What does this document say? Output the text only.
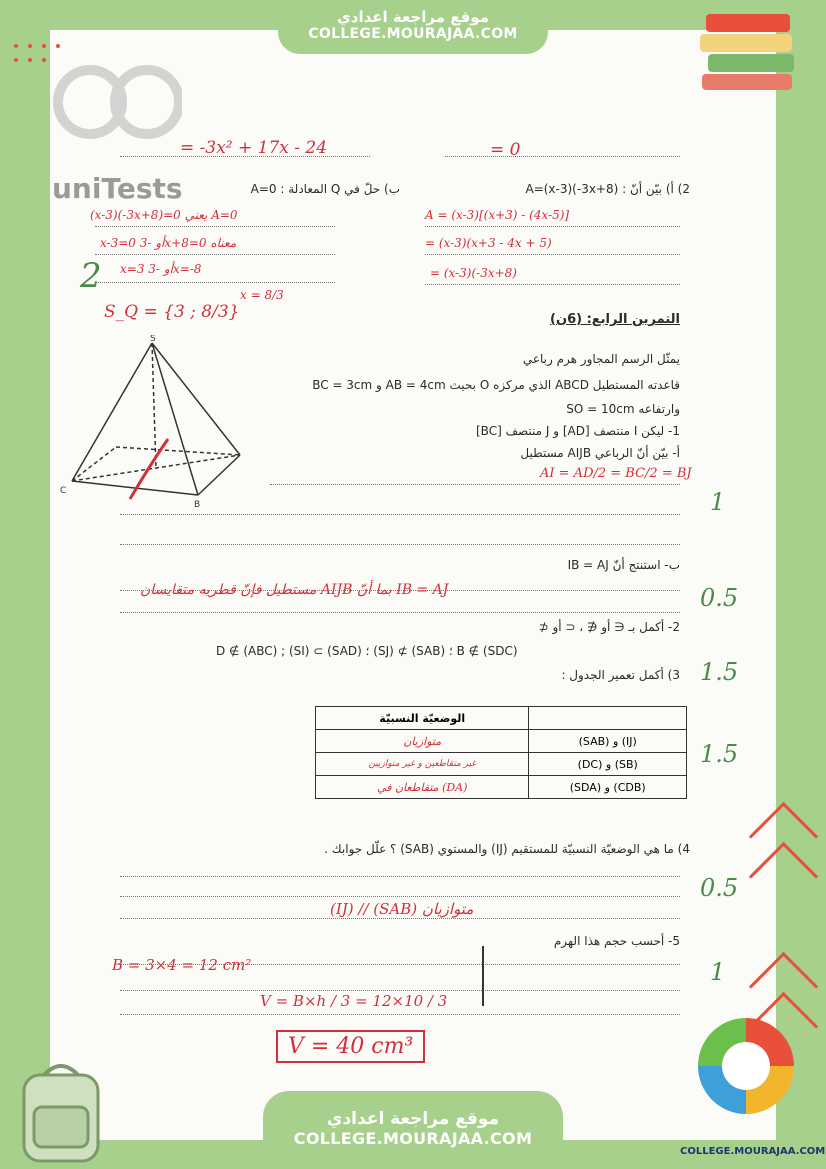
uniTests
موقع مراجعة اعدادي
COLLEGE.MOURAJAA.COM
= -3x² + 17x - 24	= 0
2) أ) بيّن أنّ : A=(x-3)(-3x+8)
ب) حلّ في Q المعادلة : A=0
(x-3)(-3x+8)=0 يعني A=0
x-3=0 أو -3x+8=0 معناه
x=3 أو -3x=-8
x = 8/3
A = (x-3)[(x+3) - (4x-5)]
= (x-3)(x+3 - 4x + 5)
= (x-3)(-3x+8)
S_Q = {3 ; 8/3}	التمرين الرابع: (6ن)
يمثّل الرسم المجاور هرم رباعي
قاعدته المستطيل ABCD الذي مركزه O بحيث AB = 4cm و BC = 3cm
وارتفاعه SO = 10cm
1- ليكن I منتصف [AD] و J منتصف [BC]
أ- بيّن أنّ الرباعي AIJB مستطيل
S
C
B
AI = AD/2 = BC/2 = BJ
ب- استنتج أنّ IB = AJ
IB = AJ بما أنّ AIJB مستطيل فإنّ قطريه متقايسان
2- أكمل بـ ∈ أو ∉ ، ⊂ أو ⊄
D ∉ (ABC) ; (SI) ⊂ (SAD) ؛ (SJ) ⊄ (SAB) ؛ B ∉ (SDC)
3) أكمل تعمير الجدول :
الوضعيّة النسبيّة	
متوازيان	(SAB) و (IJ)
غير متقاطعين و غير متوازيين	(DC) و (SB)
متقاطعان في (DA)	(SDA) و (CDB)
4) ما هي الوضعيّة النسبيّة للمستقيم (IJ) والمستوي (SAB) ؟ علّل جوابك .
(IJ) // (SAB) متوازيان
5- أحسب حجم هذا الهرم
B = 3×4 = 12 cm²
V = B×h / 3 = 12×10 / 3
V = 40 cm³
2
1
0.5
1.5
1.5
0.5
1
موقع مراجعة اعدادي
COLLEGE.MOURAJAA.COM
COLLEGE.MOURAJAA.COM
